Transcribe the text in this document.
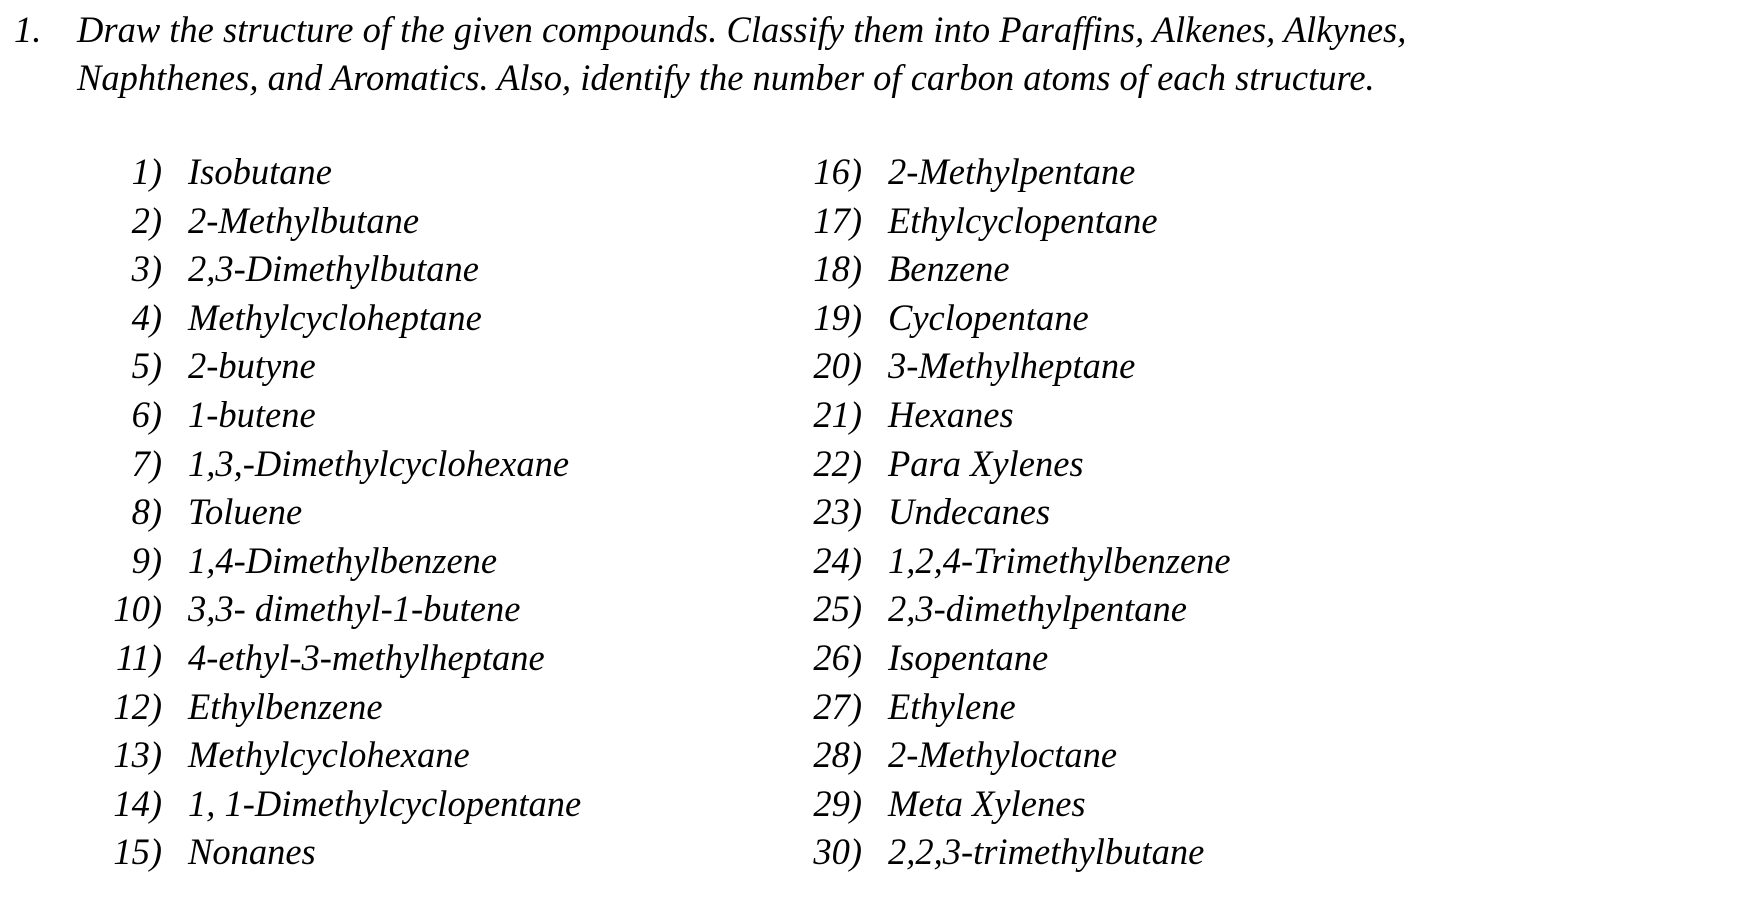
1. Draw the structure of the given compounds. Classify them into Paraffins, Alkenes, Alkynes,
Naphthenes, and Aromatics. Also, identify the number of carbon atoms of each structure.
1) Isobutane
2) 2-Methylbutane
3) 2,3-Dimethylbutane
4) Methylcycloheptane
5) 2-butyne
6) 1-butene
7) 1,3,-Dimethylcyclohexane
8) Toluene
9) 1,4-Dimethylbenzene
10) 3,3- dimethyl-1-butene
11) 4-ethyl-3-methylheptane
12) Ethylbenzene
13) Methylcyclohexane
14) 1, 1-Dimethylcyclopentane
15) Nonanes
16) 2-Methylpentane
17) Ethylcyclopentane
18) Benzene
19) Cyclopentane
20) 3-Methylheptane
21) Hexanes
22) Para Xylenes
23) Undecanes
24) 1,2,4-Trimethylbenzene
25) 2,3-dimethylpentane
26) Isopentane
27) Ethylene
28) 2-Methyloctane
29) Meta Xylenes
30) 2,2,3-trimethylbutane
